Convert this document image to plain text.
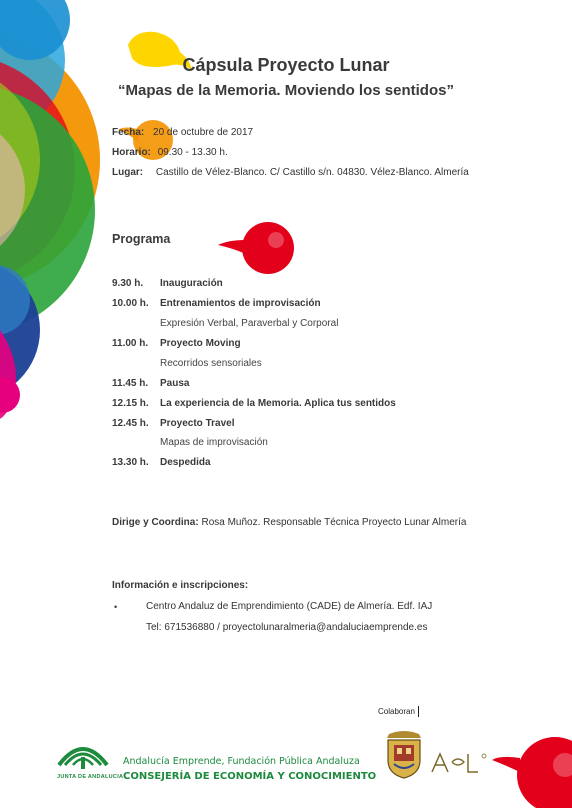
Cápsula Proyecto Lunar
“Mapas de la Memoria. Moviendo los sentidos”
Fecha: 20 de octubre de 2017
Horario: 09.30 - 13.30 h.
Lugar: Castillo de Vélez-Blanco. C/ Castillo s/n. 04830. Vélez-Blanco. Almería
Programa
9.30 h. Inauguración
10.00 h. Entrenamientos de improvisación
Expresión Verbal, Paraverbal y Corporal
11.00 h. Proyecto Moving
Recorridos sensoriales
11.45 h. Pausa
12.15 h. La experiencia de la Memoria. Aplica tus sentidos
12.45 h. Proyecto Travel
Mapas de improvisación
13.30 h. Despedida
Dirige y Coordina: Rosa Muñoz. Responsable Técnica Proyecto Lunar Almería
Información e inscripciones:
•	Centro Andaluz de Emprendimiento (CADE) de Almería. Edf. IAJ
Tel: 671536880 / proyectolunaralmeria@andaluciaemprende.es
Colaboran
JUNTA DE ANDALUCIA
Andalucía Emprende, Fundación Pública Andaluza
CONSEJERÍA DE ECONOMÍA Y CONOCIMIENTO
